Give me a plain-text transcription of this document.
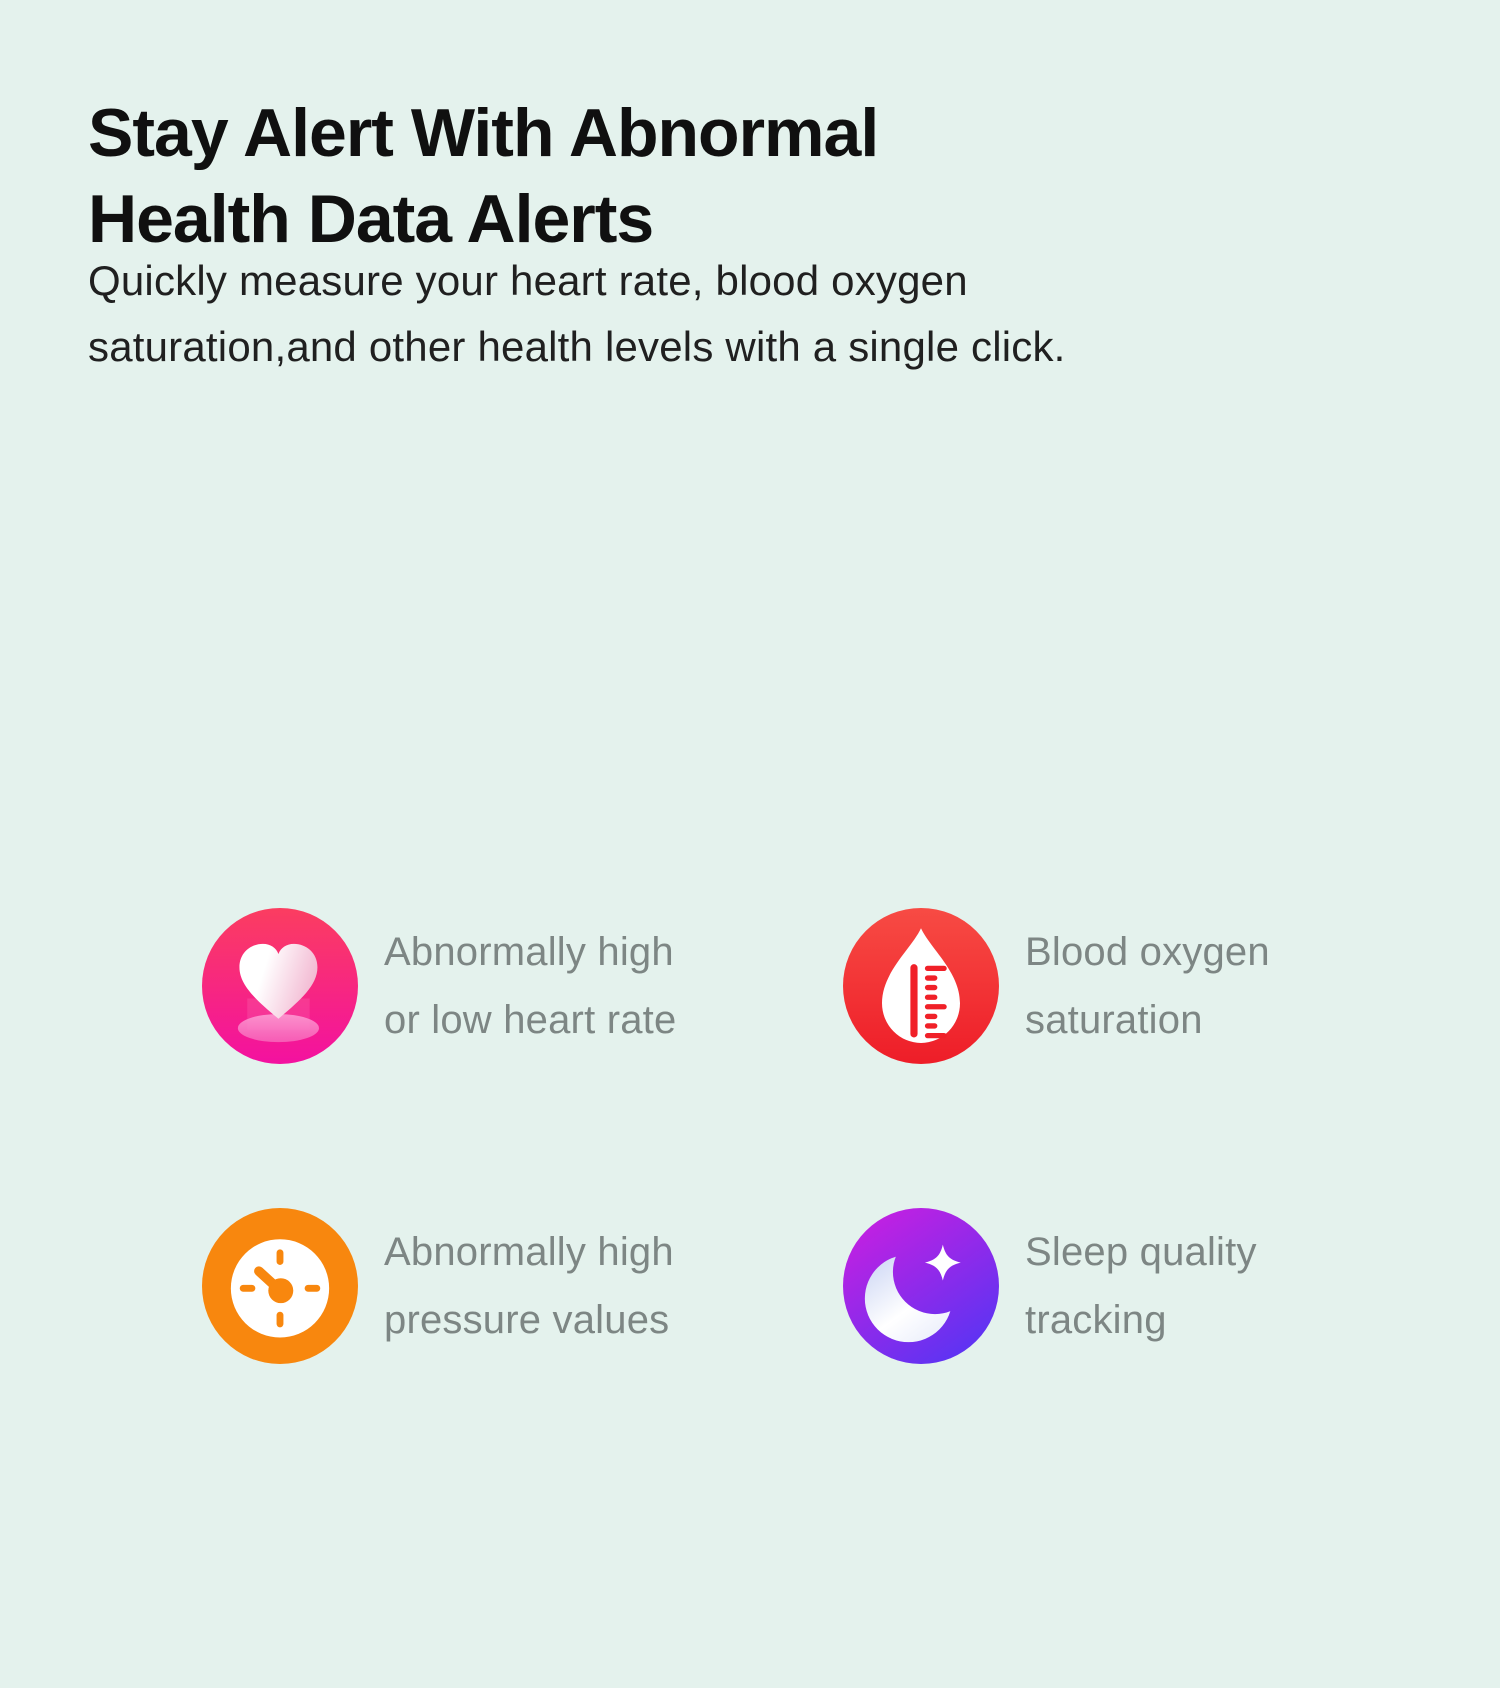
Stay Alert With Abnormal
Health Data Alerts
Quickly measure your heart rate, blood oxygen
saturation,and other health levels with a single click.
Abnormally high
or low heart rate
Blood oxygen
saturation
Abnormally high
pressure values
Sleep quality
tracking
